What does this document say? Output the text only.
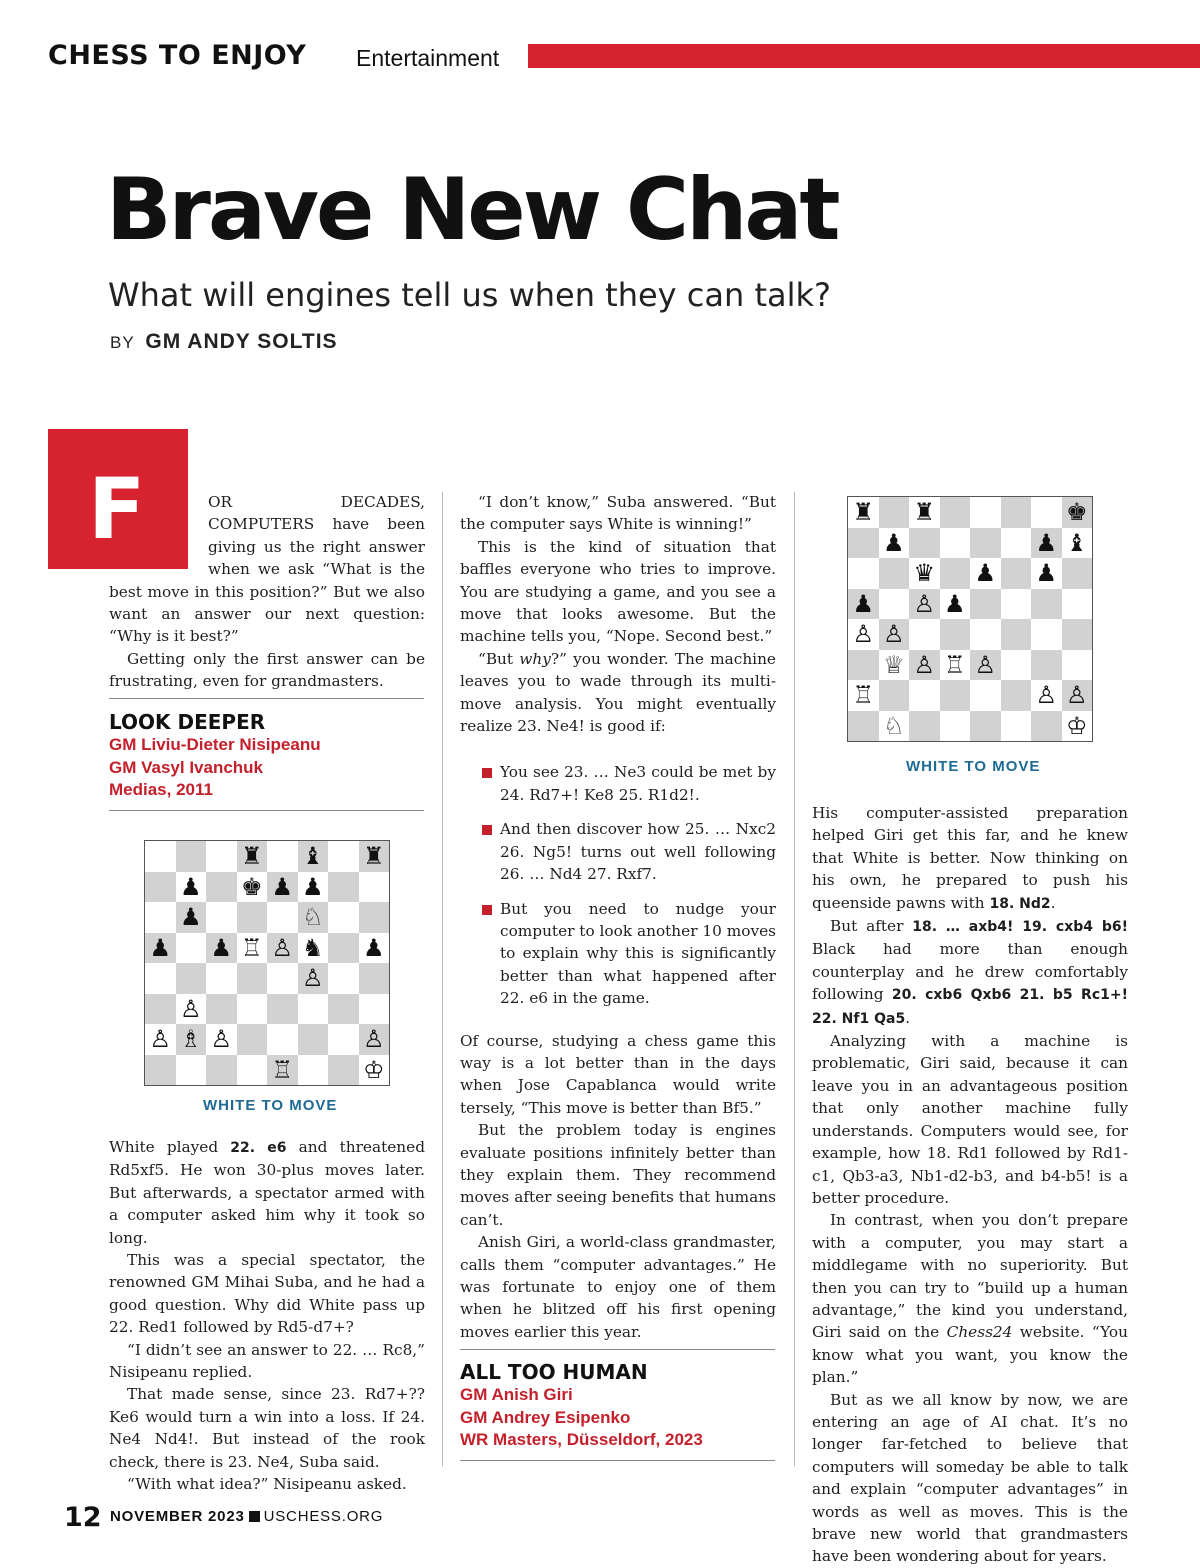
CHESS TO ENJOY Entertainment
Brave New Chat
What will engines tell us when they can talk?
BY GM ANDY SOLTIS
F	OR DECADES, COMPUTERS have been giving us the right answer when we ask “What is the best move in this position?” But we also want an answer our next question: “Why is it best?”

Getting only the first answer can be frustrating, even for grandmasters.

LOOK DEEPER
GM Liviu-Dieter Nisipeanu
GM Vasyl Ivanchuk
Medias, 2011
♜ ♝ ♜
♟ ♚ ♟ ♟
♟	♘
♟ ♟ ♖ ♙ ♞ ♟
♙
♙
♙ ♗ ♙	♙
♖	♔
WHITE TO MOVE

White played 22. e6 and threatened Rd5xf5. He won 30-plus moves later. But afterwards, a spectator armed with a computer asked him why it took so long.

This was a special spectator, the renowned GM Mihai Suba, and he had a good question. Why did White pass up 22. Red1 followed by Rd5-d7+?

“I didn’t see an answer to 22. … Rc8,” Nisipeanu replied.

That made sense, since 23. Rd7+?? Ke6 would turn a win into a loss. If 24. Ne4 Nd4!. But instead of the rook check, there is 23. Ne4, Suba said.

“With what idea?” Nisipeanu asked.

“I don’t know,” Suba answered. “But the computer says White is winning!”

This is the kind of situation that baffles everyone who tries to improve. You are studying a game, and you see a move that looks awesome. But the machine tells you, “Nope. Second best.”

“But why?” you wonder. The machine leaves you to wade through its multi-move analysis. You might eventually realize 23. Ne4! is good if:

You see 23. … Ne3 could be met by 24. Rd7+! Ke8 25. R1d2!.
And then discover how 25. … Nxc2 26. Ng5! turns out well following 26. … Nd4 27. Rxf7.
But you need to nudge your computer to look another 10 moves to explain why this is significantly better than what happened after 22. e6 in the game.

Of course, studying a chess game this way is a lot better than in the days when Jose Capablanca would write tersely, “This move is better than Bf5.”

But the problem today is engines evaluate positions infinitely better than they explain them. They recommend moves after seeing benefits that humans can’t.

Anish Giri, a world-class grandmaster, calls them “computer advantages.” He was fortunate to enjoy one of them when he blitzed off his first opening moves earlier this year.

ALL TOO HUMAN
GM Anish Giri
GM Andrey Esipenko
WR Masters, Düsseldorf, 2023
♜ ♜	♚
♟	♟ ♝
♛ ♟ ♟
♟ ♙ ♟
♙ ♙
♕ ♙ ♖ ♙
♖	♙ ♙
♘	♔
WHITE TO MOVE

His computer-assisted preparation helped Giri get this far, and he knew that White is better. Now thinking on his own, he prepared to push his queenside pawns with 18. Nd2.

But after 18. … axb4! 19. cxb4 b6! Black had more than enough counterplay and he drew comfortably following 20. cxb6 Qxb6 21. b5 Rc1+! 22. Nf1 Qa5.

Analyzing with a machine is problematic, Giri said, because it can leave you in an advantageous position that only another machine fully understands. Computers would see, for example, how 18. Rd1 followed by Rd1-c1, Qb3-a3, Nb1-d2-b3, and b4-b5! is a better procedure.

In contrast, when you don’t prepare with a computer, you may start a middlegame with no superiority. But then you can try to “build up a human advantage,” the kind you understand, Giri said on the Chess24 website. “You know what you want, you know the plan.”

But as we all know by now, we are entering an age of AI chat. It’s no longer far-fetched to believe that computers will someday be able to talk and explain “computer advantages” in words as well as moves. This is the brave new world that grandmasters have been wondering about for years.

12 NOVEMBER 2023 USCHESS.ORG
